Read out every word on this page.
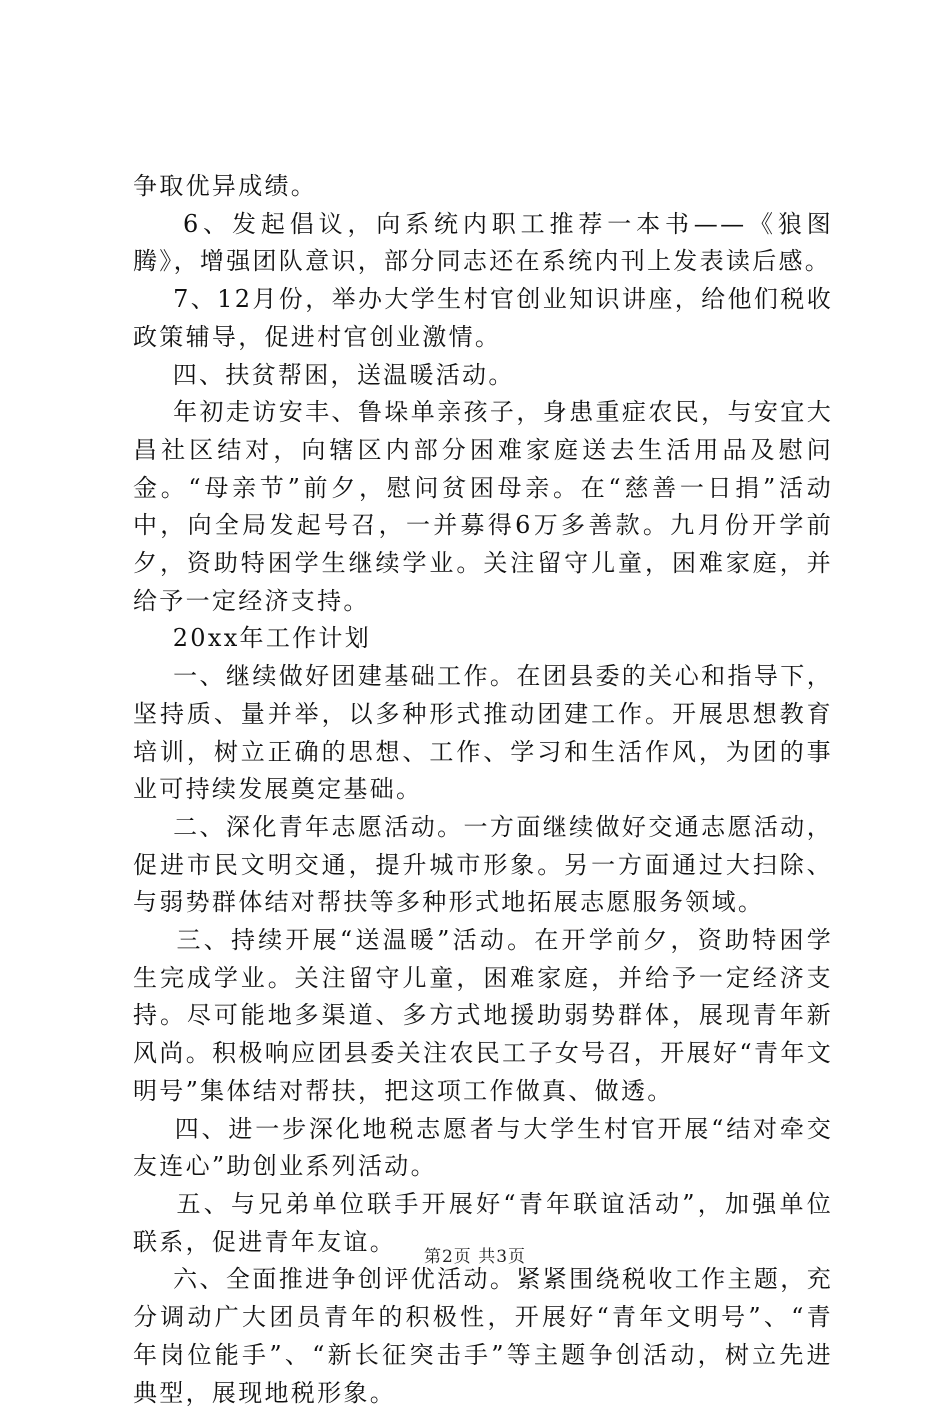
争取优异成绩。

6、发起倡议，向系统内职工推荐一本书——《狼图腾》，增强团队意识，部分同志还在系统内刊上发表读后感。

7、12月份，举办大学生村官创业知识讲座，给他们税收政策辅导，促进村官创业激情。

四、扶贫帮困，送温暖活动。

年初走访安丰、鲁垛单亲孩子，身患重症农民，与安宜大昌社区结对，向辖区内部分困难家庭送去生活用品及慰问金。“母亲节”前夕，慰问贫困母亲。在“慈善一日捐”活动中，向全局发起号召，一并募得6万多善款。九月份开学前夕，资助特困学生继续学业。关注留守儿童，困难家庭，并给予一定经济支持。

20xx年工作计划

一、继续做好团建基础工作。在团县委的关心和指导下，坚持质、量并举，以多种形式推动团建工作。开展思想教育培训，树立正确的思想、工作、学习和生活作风，为团的事业可持续发展奠定基础。

二、深化青年志愿活动。一方面继续做好交通志愿活动，促进市民文明交通，提升城市形象。另一方面通过大扫除、与弱势群体结对帮扶等多种形式地拓展志愿服务领域。

三、持续开展“送温暖”活动。在开学前夕，资助特困学生完成学业。关注留守儿童，困难家庭，并给予一定经济支持。尽可能地多渠道、多方式地援助弱势群体，展现青年新风尚。积极响应团县委关注农民工子女号召，开展好“青年文明号”集体结对帮扶，把这项工作做真、做透。

四、进一步深化地税志愿者与大学生村官开展“结对牵交友连心”助创业系列活动。

五、与兄弟单位联手开展好“青年联谊活动”，加强单位联系，促进青年友谊。

六、全面推进争创评优活动。紧紧围绕税收工作主题，充分调动广大团员青年的积极性，开展好“青年文明号”、“青年岗位能手”、“新长征突击手”等主题争创活动，树立先进典型，展现地税形象。

第2页 共3页
